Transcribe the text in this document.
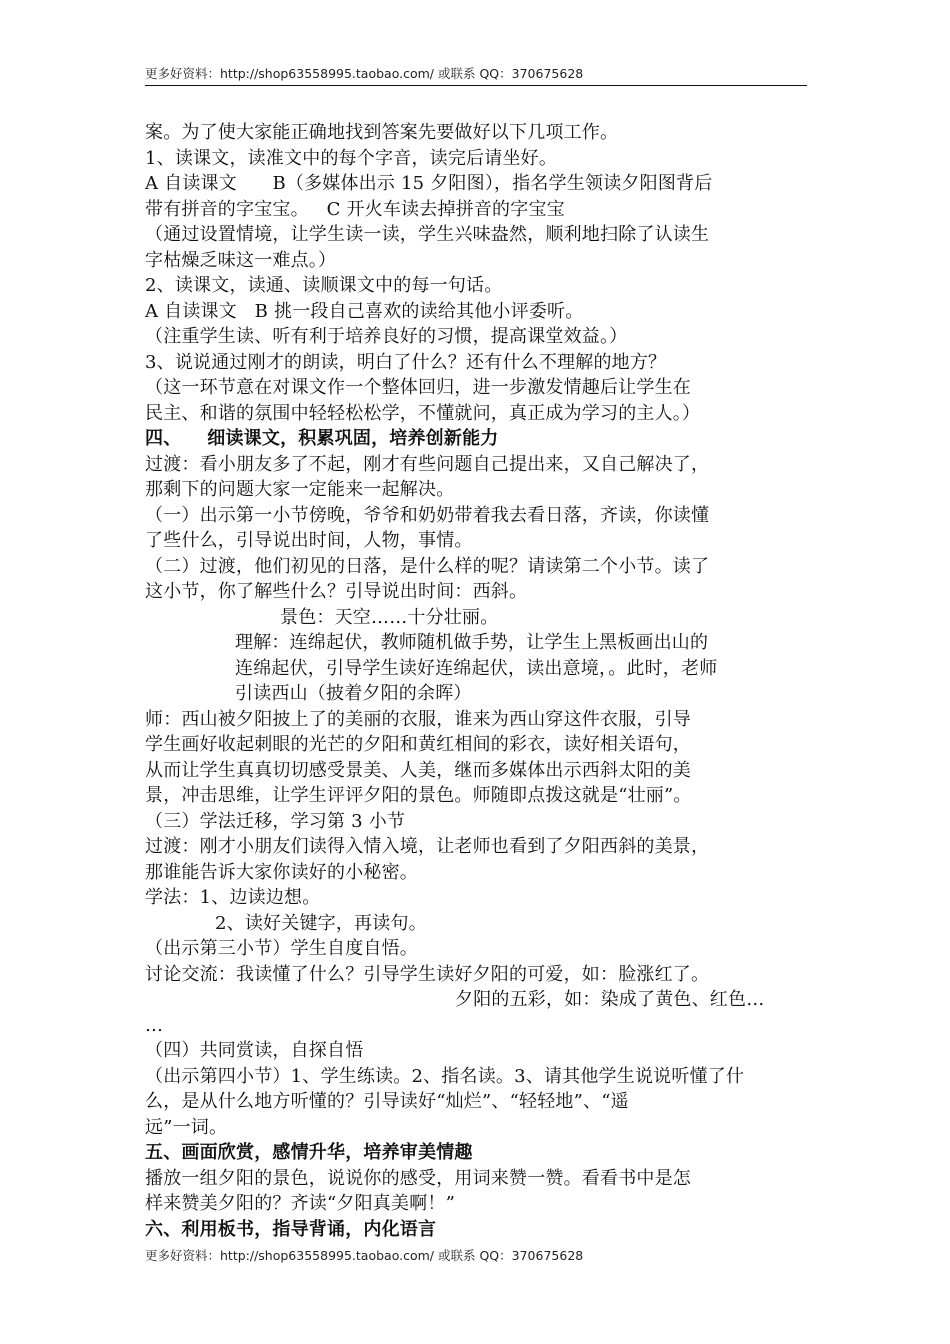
更多好资料：http://shop63558995.taobao.com/ 或联系 QQ：370675628
案。为了使大家能正确地找到答案先要做好以下几项工作。
1、读课文，读准文中的每个字音，读完后请坐好。
A 自读课文      B（多媒体出示 15 夕阳图），指名学生领读夕阳图背后
带有拼音的字宝宝。   C 开火车读去掉拼音的字宝宝
（通过设置情境，让学生读一读，学生兴味盎然，顺利地扫除了认读生
字枯燥乏味这一难点。）
2、读课文，读通、读顺课文中的每一句话。
A 自读课文   B 挑一段自己喜欢的读给其他小评委听。
（注重学生读、听有利于培养良好的习惯，提高课堂效益。）
3、说说通过刚才的朗读，明白了什么？还有什么不理解的地方？
（这一环节意在对课文作一个整体回归，进一步激发情趣后让学生在
民主、和谐的氛围中轻轻松松学，不懂就问，真正成为学习的主人。）
四、    细读课文，积累巩固，培养创新能力
过渡：看小朋友多了不起，刚才有些问题自己提出来，又自己解决了，
那剩下的问题大家一定能来一起解决。
（一）出示第一小节傍晚，爷爷和奶奶带着我去看日落，齐读，你读懂
了些什么，引导说出时间，人物，事情。
（二）过渡，他们初见的日落，是什么样的呢？请读第二个小节。读了
这小节，你了解些什么？引导说出时间：西斜。
景色：天空……十分壮丽。
理解：连绵起伏，教师随机做手势，让学生上黑板画出山的
连绵起伏，引导学生读好连绵起伏，读出意境，。此时，老师
引读西山（披着夕阳的余晖）
师：西山被夕阳披上了的美丽的衣服，谁来为西山穿这件衣服，引导
学生画好收起刺眼的光芒的夕阳和黄红相间的彩衣，读好相关语句，
从而让学生真真切切感受景美、人美，继而多媒体出示西斜太阳的美
景，冲击思维，让学生评评夕阳的景色。师随即点拨这就是“壮丽”。
（三）学法迁移，学习第 3 小节
过渡：刚才小朋友们读得入情入境，让老师也看到了夕阳西斜的美景，
那谁能告诉大家你读好的小秘密。
学法：1、边读边想。
2、读好关键字，再读句。
（出示第三小节）学生自度自悟。
讨论交流：我读懂了什么？引导学生读好夕阳的可爱，如：脸涨红了。
夕阳的五彩，如：染成了黄色、红色…
…
（四）共同赏读，自探自悟
（出示第四小节）1、学生练读。2、指名读。3、请其他学生说说听懂了什
么，是从什么地方听懂的？引导读好“灿烂”、“轻轻地”、“遥
远”一词。
五、画面欣赏，感情升华，培养审美情趣
播放一组夕阳的景色，说说你的感受，用词来赞一赞。看看书中是怎
样来赞美夕阳的？齐读“夕阳真美啊！”
六、利用板书，指导背诵，内化语言
更多好资料：http://shop63558995.taobao.com/ 或联系 QQ：370675628
